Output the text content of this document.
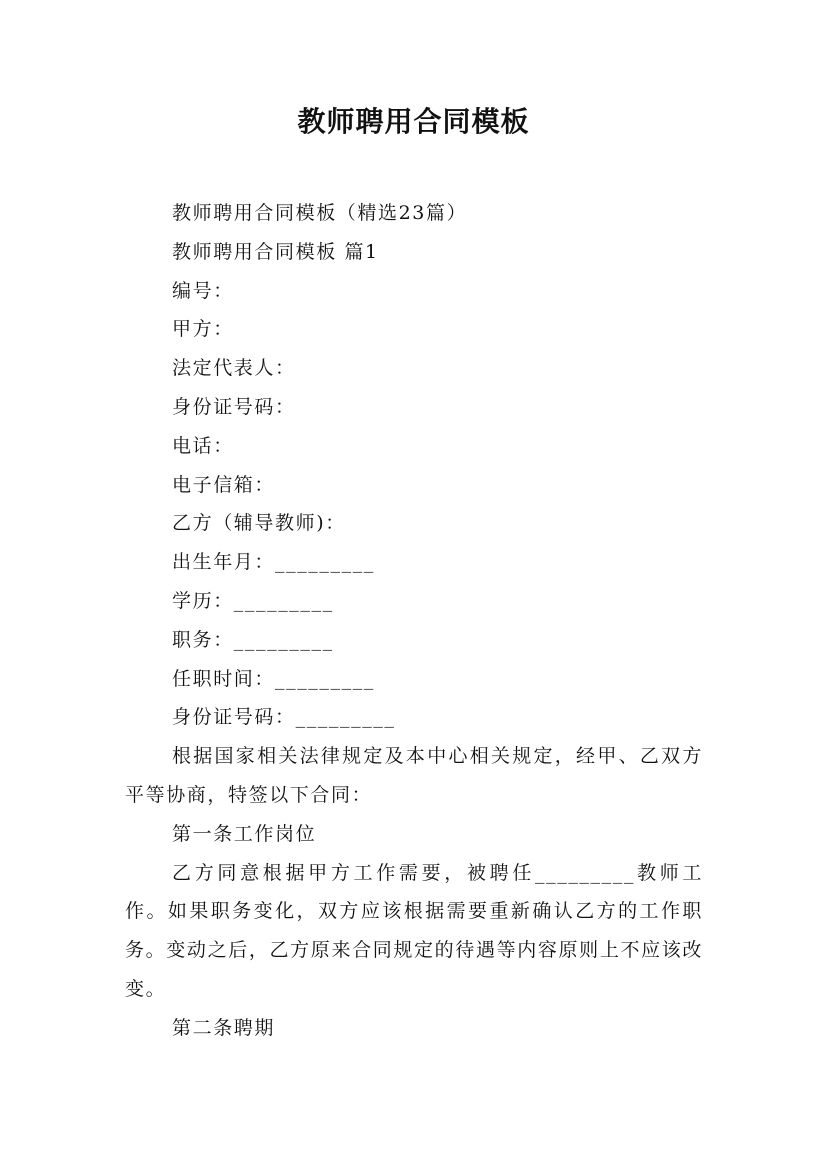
教师聘用合同模板

教师聘用合同模板（精选23篇）

教师聘用合同模板 篇1

编号：

甲方：

法定代表人：

身份证号码：

电话：

电子信箱：

乙方（辅导教师)：

出生年月：_________

学历：_________

职务：_________

任职时间：_________

身份证号码：_________

根据国家相关法律规定及本中心相关规定，经甲、乙双方平等协商，特签以下合同：

第一条工作岗位

乙方同意根据甲方工作需要，被聘任_________教师工作。如果职务变化，双方应该根据需要重新确认乙方的工作职务。变动之后，乙方原来合同规定的待遇等内容原则上不应该改变。

第二条聘期
